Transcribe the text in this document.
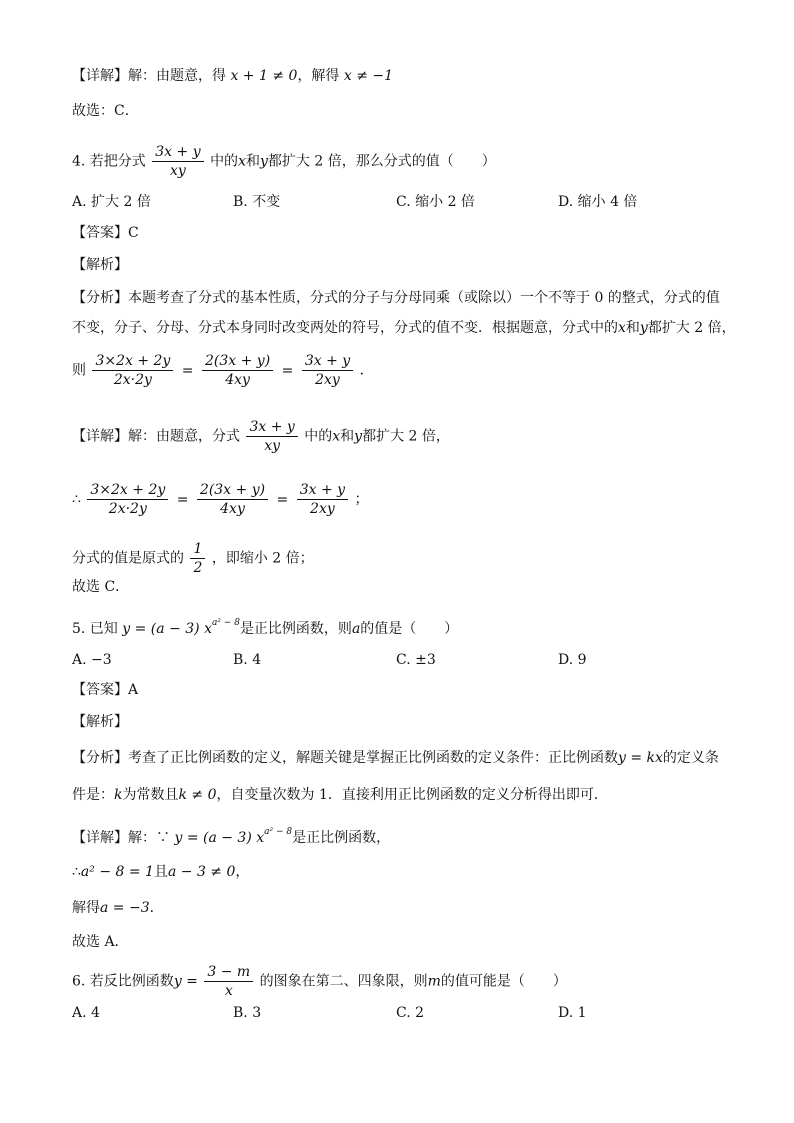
【详解】解：由题意，得 x + 1 ≠ 0，解得 x ≠ −1
故选：C．
4. 若把分式 $\frac{3x + y}{xy}$ 中的x和y都扩大 2 倍，那么分式的值（　　）
A. 扩大 2 倍	B. 不变	C. 缩小 2 倍	D. 缩小 4 倍
【答案】C
【解析】
【分析】本题考查了分式的基本性质，分式的分子与分母同乘（或除以）一个不等于 0 的整式，分式的值
不变，分子、分母、分式本身同时改变两处的符号，分式的值不变．根据题意，分式中的x和y都扩大 2 倍，
则 $\frac{3\times 2x + 2y}{2x\cdot 2y} = \frac{2(3x + y)}{4xy} = \frac{3x + y}{2xy}$ ．
【详解】解：由题意，分式 $\frac{3x + y}{xy}$ 中的x和y都扩大 2 倍，
∴ $\frac{3\times 2x + 2y}{2x\cdot 2y} = \frac{2(3x + y)}{4xy} = \frac{3x + y}{2xy}$ ；
分式的值是原式的 $\frac{1}{2}$ ，即缩小 2 倍；
故选 C．
5. 已知 y = (a − 3) $x^{a^2 - 8}$是正比例函数，则a的值是（　　）
A. −3	B. 4	C. ±3	D. 9
【答案】A
【解析】
【分析】考查了正比例函数的定义，解题关键是掌握正比例函数的定义条件：正比例函数y = kx的定义条
件是：k为常数且k ≠ 0，自变量次数为 1．直接利用正比例函数的定义分析得出即可．
【详解】解：∵ y = (a − 3) $x^{a^2 - 8}$是正比例函数，
∴a² − 8 = 1且a − 3 ≠ 0，
解得a = −3．
故选 A．
6. 若反比例函数$y = \frac{3 - m}{x}$ 的图象在第二、四象限，则m的值可能是（　　）
A. 4	B. 3	C. 2	D. 1
